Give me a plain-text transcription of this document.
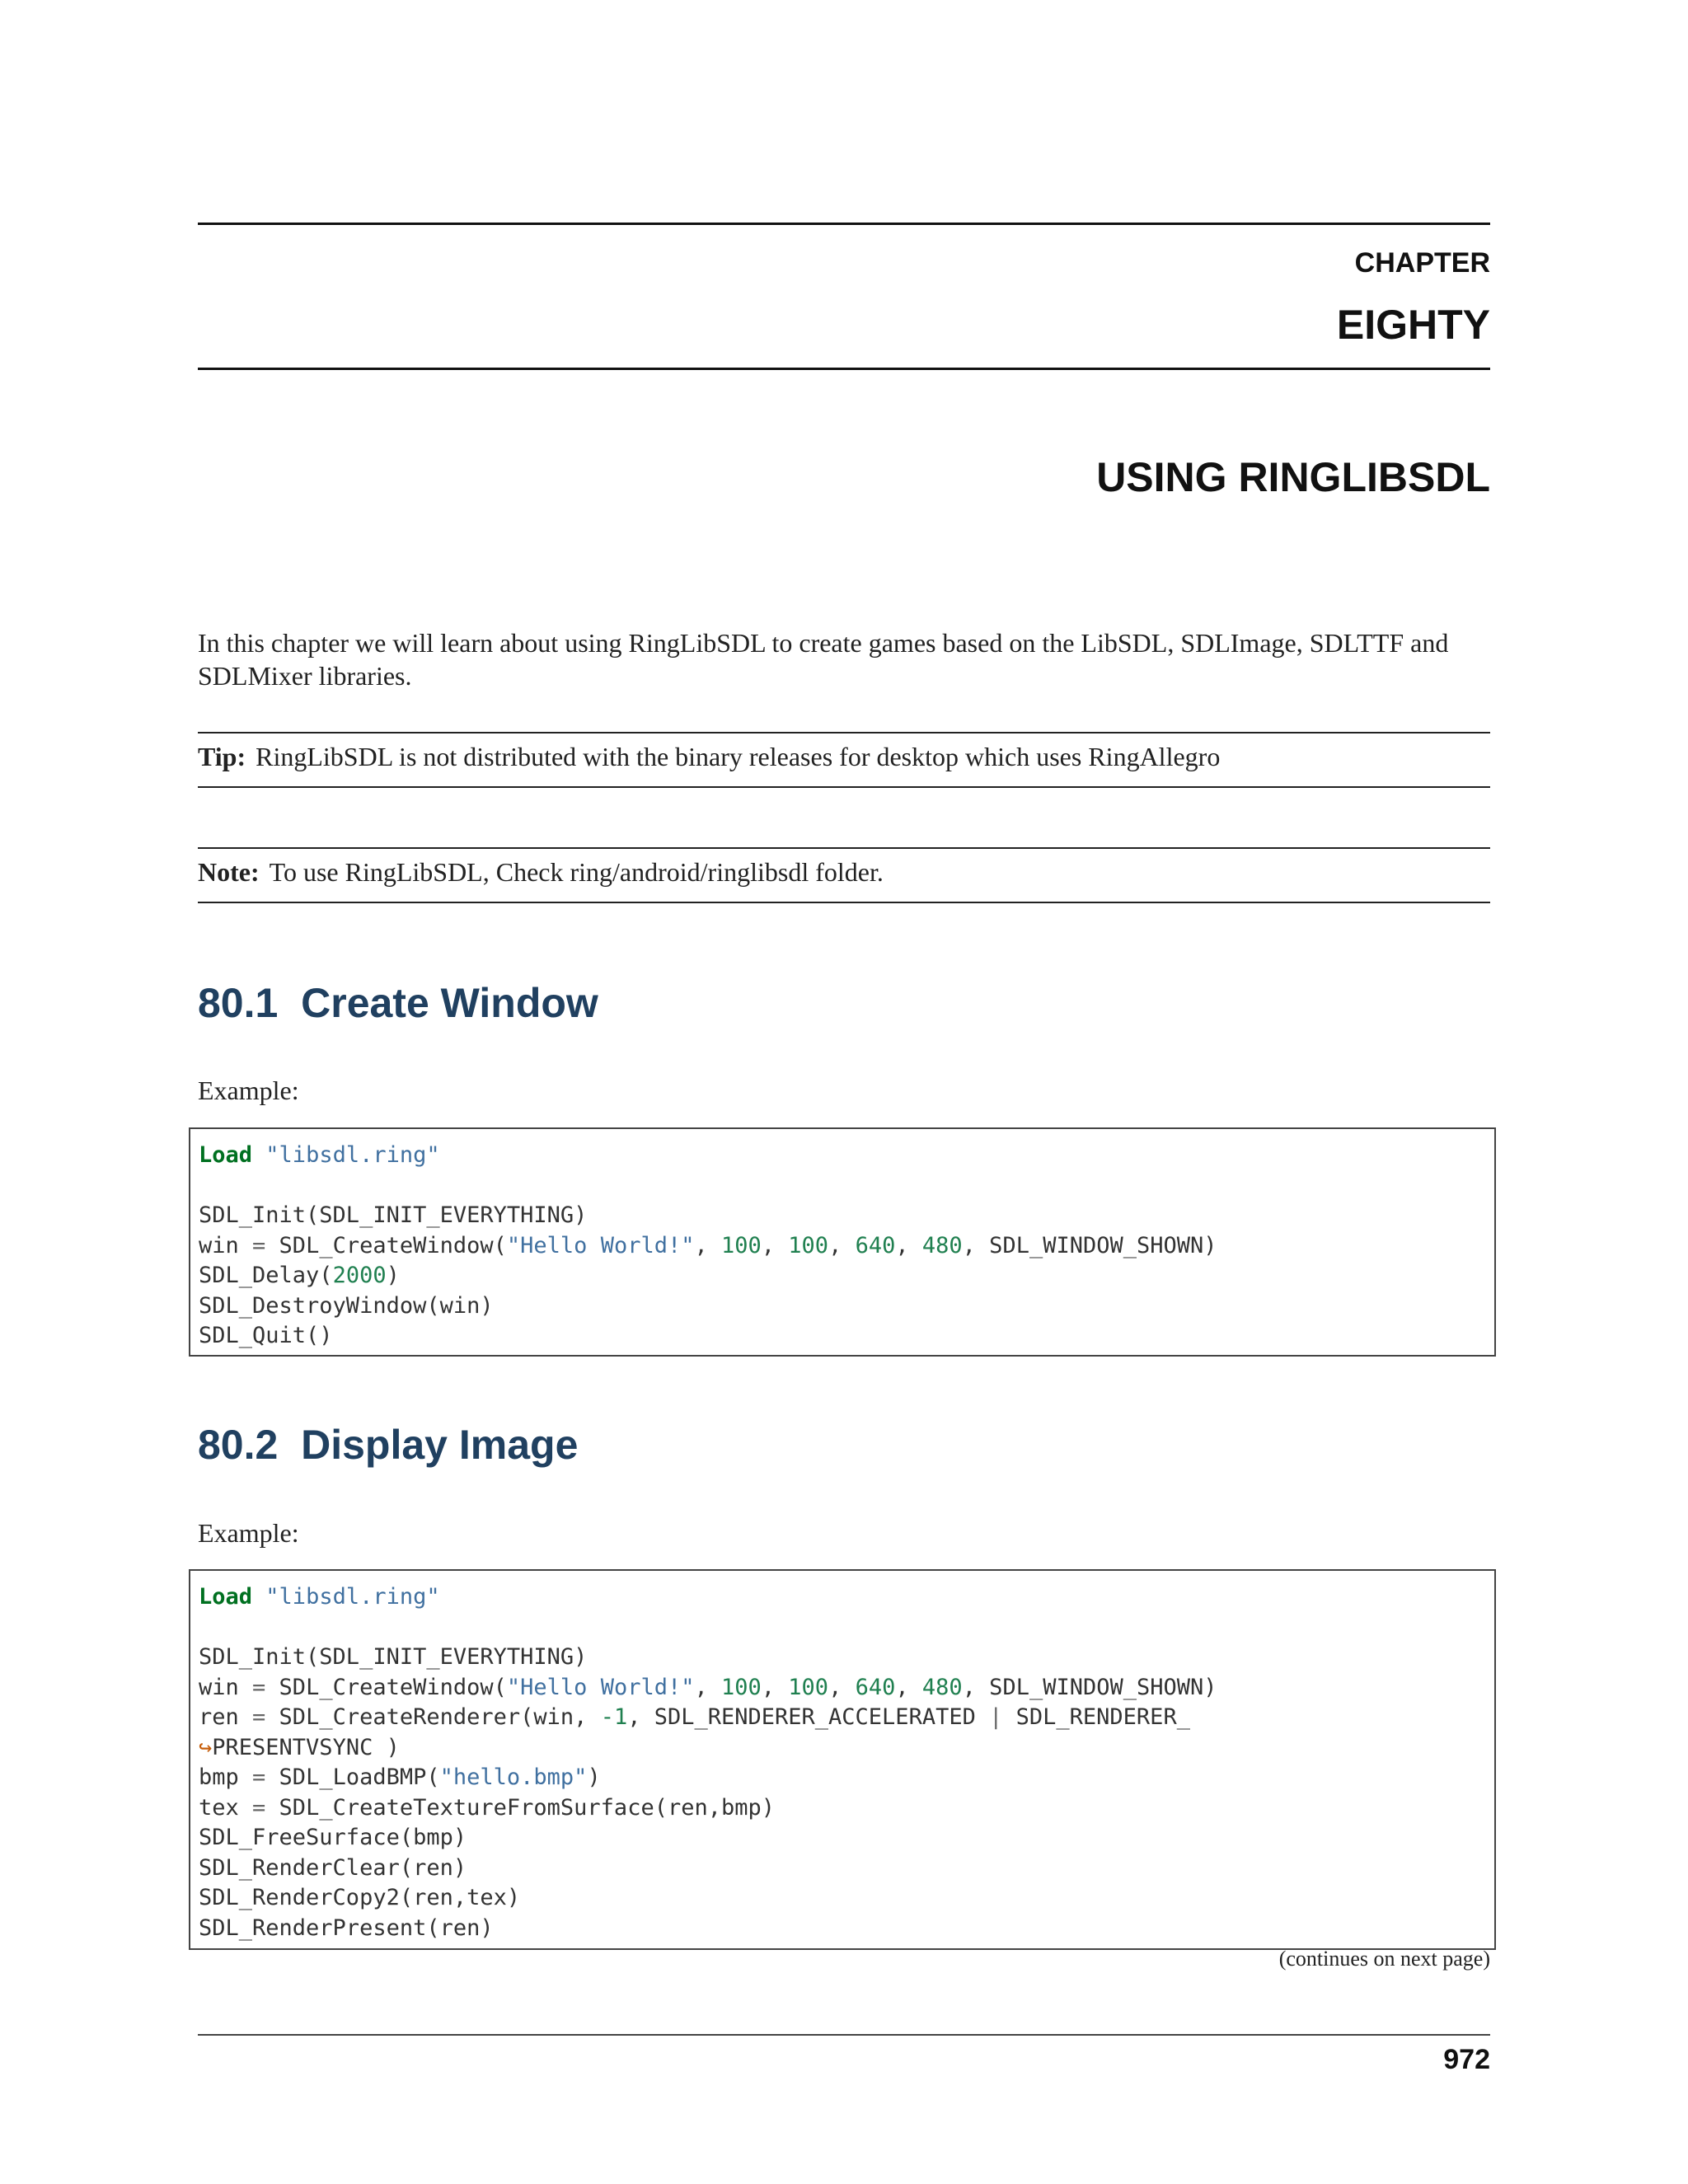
CHAPTER
EIGHTY
USING RINGLIBSDL

In this chapter we will learn about using RingLibSDL to create games based on the LibSDL, SDLImage, SDLTTF and SDLMixer libraries.

Tip: RingLibSDL is not distributed with the binary releases for desktop which uses RingAllegro
Note: To use RingLibSDL, Check ring/android/ringlibsdl folder.
80.1 Create Window
Example:
Load "libsdl.ring"
SDL_Init(SDL_INIT_EVERYTHING)
win = SDL_CreateWindow("Hello World!", 100, 100, 640, 480, SDL_WINDOW_SHOWN)
SDL_Delay(2000)
SDL_DestroyWindow(win)
SDL_Quit()
80.2 Display Image
Example:
Load "libsdl.ring"
SDL_Init(SDL_INIT_EVERYTHING)
win = SDL_CreateWindow("Hello World!", 100, 100, 640, 480, SDL_WINDOW_SHOWN)
ren = SDL_CreateRenderer(win, -1, SDL_RENDERER_ACCELERATED | SDL_RENDERER_
↪PRESENTVSYNC )
bmp = SDL_LoadBMP("hello.bmp")
tex = SDL_CreateTextureFromSurface(ren,bmp)
SDL_FreeSurface(bmp)
SDL_RenderClear(ren)
SDL_RenderCopy2(ren,tex)
SDL_RenderPresent(ren)
(continues on next page)
972
